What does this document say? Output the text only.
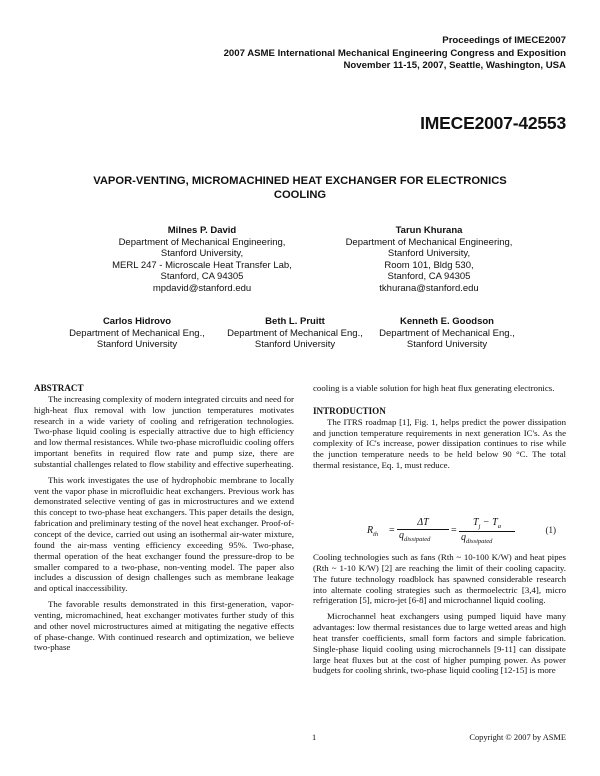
Proceedings of IMECE2007
2007 ASME International Mechanical Engineering Congress and Exposition
November 11-15, 2007, Seattle, Washington, USA
IMECE2007-42553
VAPOR-VENTING, MICROMACHINED HEAT EXCHANGER FOR ELECTRONICS
COOLING
Milnes P. David
Department of Mechanical Engineering,
Stanford University,
MERL 247 - Microscale Heat Transfer Lab,
Stanford, CA 94305
mpdavid@stanford.edu
Tarun Khurana
Department of Mechanical Engineering,
Stanford University,
Room 101, Bldg 530,
Stanford, CA 94305
tkhurana@stanford.edu
Carlos Hidrovo
Department of Mechanical Eng.,
Stanford University
Beth L. Pruitt
Department of Mechanical Eng.,
Stanford University
Kenneth E. Goodson
Department of Mechanical Eng.,
Stanford University

ABSTRACT

The increasing complexity of modern integrated circuits and need for high-heat flux removal with low junction temperatures motivates research in a wide variety of cooling and refrigeration technologies. Two-phase liquid cooling is especially attractive due to high efficiency and low thermal resistances. While two-phase microfluidic cooling offers important benefits in required flow rate and pump size, there are substantial challenges related to flow stability and effective superheating.

This work investigates the use of hydrophobic membrane to locally vent the vapor phase in microfluidic heat exchangers. Previous work has demonstrated selective venting of gas in microstructures and we extend this concept to two-phase heat exchangers. This paper details the design, fabrication and preliminary testing of the novel heat exchanger. Proof-of-concept of the device, carried out using an isothermal air-water mixture, found the air-mass venting efficiency exceeding 95%. Two-phase, thermal operation of the heat exchanger found the pressure-drop to be smaller compared to a two-phase, non-venting model. The paper also includes a discussion of design challenges such as membrane leakage and optical inaccessibility.

The favorable results demonstrated in this first-generation, vapor-venting, micromachined, heat exchanger motivates further study of this and other novel microstructures aimed at mitigating the negative effects of phase-change. With continued research and optimization, we believe two-phase

cooling is a viable solution for high heat flux generating electronics.

INTRODUCTION

The ITRS roadmap [1], Fig. 1, helps predict the power dissipation and junction temperature requirements in next generation IC's. As the complexity of IC's increase, power dissipation continues to rise while the junction temperature needs to be held below 90 °C. The total thermal resistance, Eq. 1, must reduce.

$R_{th}$ =
ΔT
$q_{dissipated}$
=
$T_j - T_a$
$q_{dissipated}$
(1)

Cooling technologies such as fans (Rth ~ 10-100 K/W) and heat pipes (Rth ~ 1-10 K/W) [2] are reaching the limit of their cooling capacity. The future technology roadblock has spawned considerable research into alternate cooling strategies such as thermoelectric [3,4], micro refrigeration [5], micro-jet [6-8] and microchannel liquid cooling.

Microchannel heat exchangers using pumped liquid have many advantages: low thermal resistances due to large wetted areas and high heat transfer coefficients, small form factors and simple fabrication. Single-phase liquid cooling using microchannels [9-11] can dissipate large heat fluxes but at the cost of higher pumping power. As power budgets for cooling shrink, two-phase liquid cooling [12-15] is more

1	Copyright © 2007 by ASME
